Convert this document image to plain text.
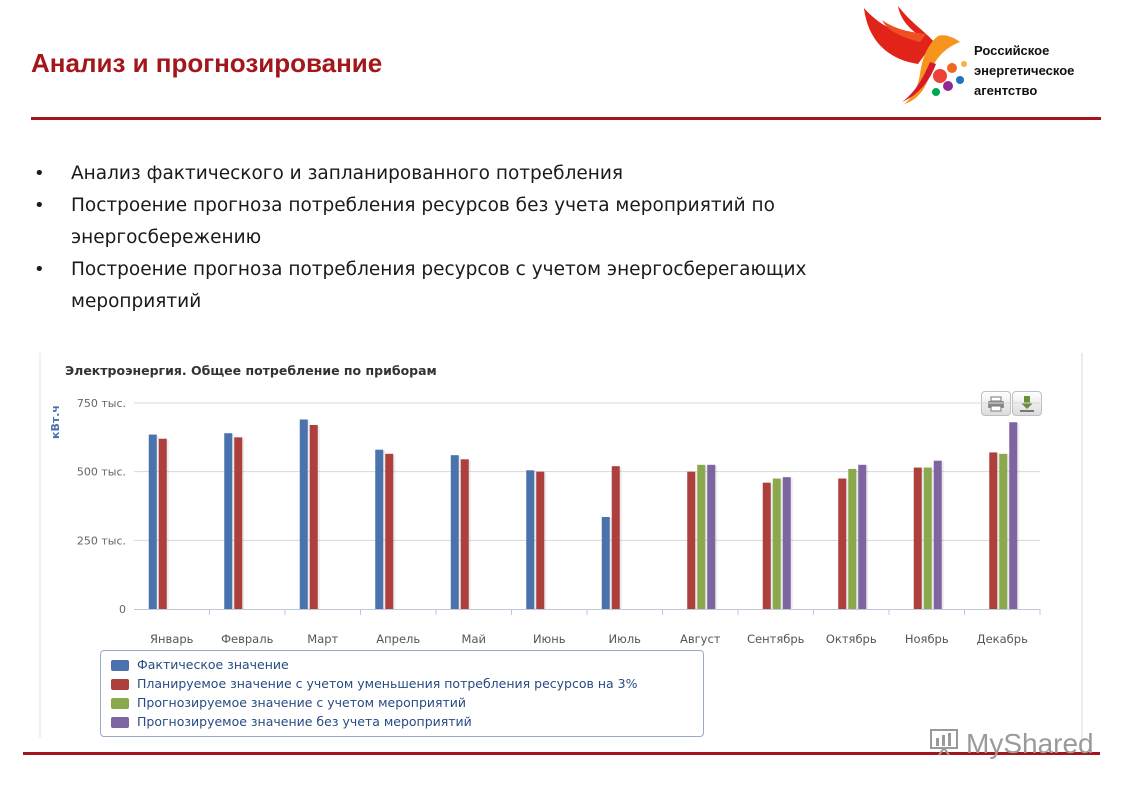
Анализ и прогнозирование	Российское
энергетическое
агентство
• Анализ фактического и запланированного потребления
• Построение прогноза потребления ресурсов без учета мероприятий по энергосбережению
• Построение прогноза потребления ресурсов с учетом энергосберегающих мероприятий
Электроэнергия. Общее потребление по приборам
0
250 тыс.
500 тыс.
750 тыс.
кВт.ч
Январь Февраль	Март	Апрель	Май	Июнь	Июль	Август Сентябрь Октябрь Ноябрь Декабрь
Фактическое значение
Планируемое значение с учетом уменьшения потребления ресурсов на 3%
Прогнозируемое значение с учетом мероприятий
Прогнозируемое значение без учета мероприятий
MyShared
